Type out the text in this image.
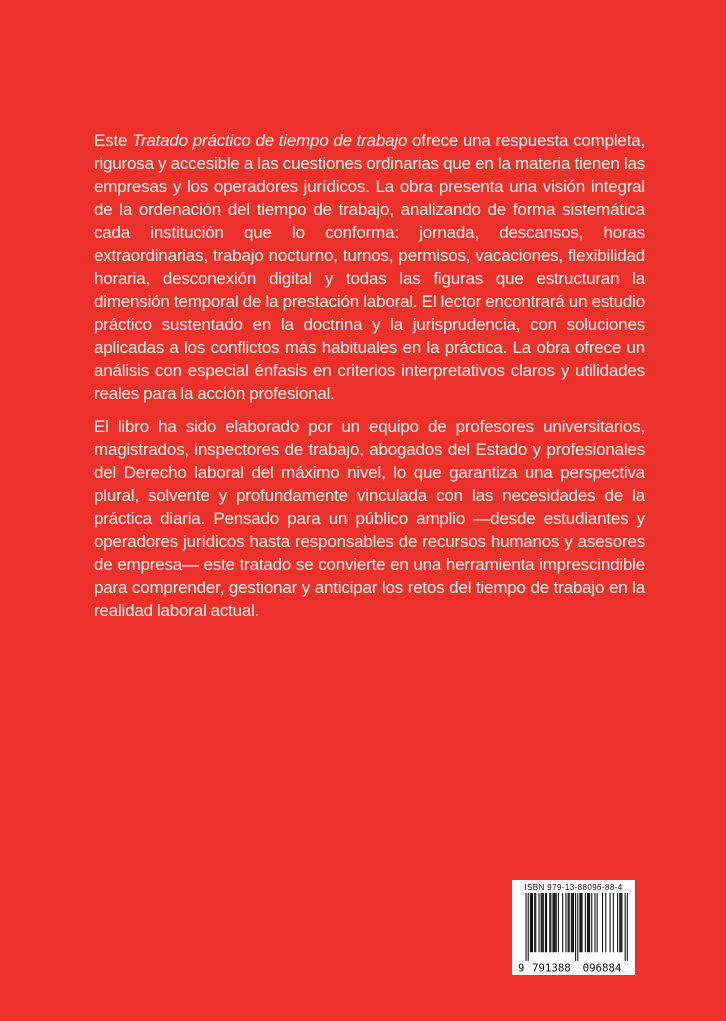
Este Tratado práctico de tiempo de trabajo ofrece una respuesta completa, rigurosa y accesible a las cuestiones ordinarias que en la materia tienen las empresas y los operadores jurídicos. La obra presenta una visión integral de la ordenación del tiempo de trabajo, analizando de forma sistemática cada institución que lo conforma: jornada, descansos, horas extraordinarias, trabajo nocturno, turnos, permisos, vacaciones, flexibilidad horaria, desconexión digital y todas las figuras que estructuran la dimensión temporal de la prestación laboral. El lector encontrará un estudio práctico sustentado en la doctrina y la jurisprudencia, con soluciones aplicadas a los conflictos más habituales en la práctica. La obra ofrece un análisis con especial énfasis en criterios interpretativos claros y utilidades reales para la acción profesional.

El libro ha sido elaborado por un equipo de profesores universitarios, magistrados, inspectores de trabajo, abogados del Estado y profesionales del Derecho laboral del máximo nivel, lo que garantiza una perspectiva plural, solvente y profundamente vinculada con las necesidades de la práctica diaria. Pensado para un público amplio —desde estudiantes y operadores jurídicos hasta responsables de recursos humanos y asesores de empresa— este tratado se convierte en una herramienta imprescindible para comprender, gestionar y anticipar los retos del tiempo de trabajo en la realidad laboral actual.

ISBN 979-13-88096-88-4
9 791388 096884
